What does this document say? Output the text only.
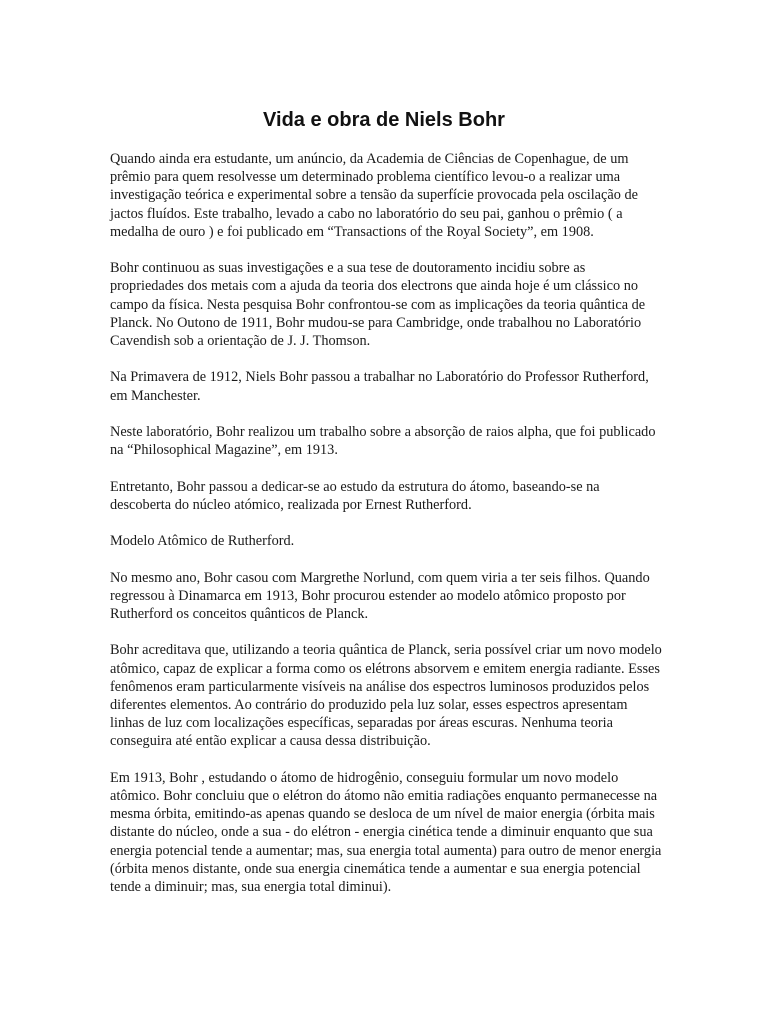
Vida e obra de Niels Bohr

Quando ainda era estudante, um anúncio, da Academia de Ciências de Copenhague, de um prêmio para quem resolvesse um determinado problema científico levou-o a realizar uma investigação teórica e experimental sobre a tensão da superfície provocada pela oscilação de jactos fluídos. Este trabalho, levado a cabo no laboratório do seu pai, ganhou o prêmio ( a medalha de ouro ) e foi publicado em “Transactions of the Royal Society”, em 1908.

Bohr continuou as suas investigações e a sua tese de doutoramento incidiu sobre as propriedades dos metais com a ajuda da teoria dos electrons que ainda hoje é um clássico no campo da física. Nesta pesquisa Bohr confrontou-se com as implicações da teoria quântica de Planck. No Outono de 1911, Bohr mudou-se para Cambridge, onde trabalhou no Laboratório Cavendish sob a orientação de J. J. Thomson.

Na Primavera de 1912, Niels Bohr passou a trabalhar no Laboratório do Professor Rutherford, em Manchester.

Neste laboratório, Bohr realizou um trabalho sobre a absorção de raios alpha, que foi publicado na “Philosophical Magazine”, em 1913.

Entretanto, Bohr passou a dedicar-se ao estudo da estrutura do átomo, baseando-se na descoberta do núcleo atómico, realizada por Ernest Rutherford.

Modelo Atômico de Rutherford.

No mesmo ano, Bohr casou com Margrethe Norlund, com quem viria a ter seis filhos. Quando regressou à Dinamarca em 1913, Bohr procurou estender ao modelo atômico proposto por Rutherford os conceitos quânticos de Planck.

Bohr acreditava que, utilizando a teoria quântica de Planck, seria possível criar um novo modelo atômico, capaz de explicar a forma como os elétrons absorvem e emitem energia radiante. Esses fenômenos eram particularmente visíveis na análise dos espectros luminosos produzidos pelos diferentes elementos. Ao contrário do produzido pela luz solar, esses espectros apresentam linhas de luz com localizações específicas, separadas por áreas escuras. Nenhuma teoria conseguira até então explicar a causa dessa distribuição.

Em 1913, Bohr , estudando o átomo de hidrogênio, conseguiu formular um novo modelo atômico. Bohr concluiu que o elétron do átomo não emitia radiações enquanto permanecesse na mesma órbita, emitindo-as apenas quando se desloca de um nível de maior energia (órbita mais distante do núcleo, onde a sua - do elétron - energia cinética tende a diminuir enquanto que sua energia potencial tende a aumentar; mas, sua energia total aumenta) para outro de menor energia (órbita menos distante, onde sua energia cinemática tende a aumentar e sua energia potencial tende a diminuir; mas, sua energia total diminui).
